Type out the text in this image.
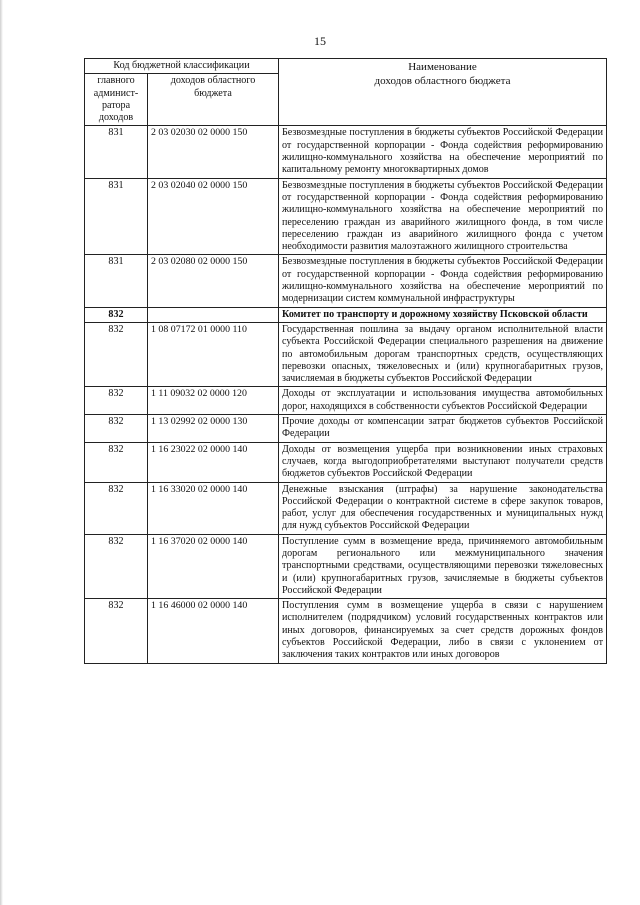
15
Код бюджетной классификации		Наименование
доходов областного бюджета

главного админист-ратора доходов	доходов областного бюджета	
831	2 03 02030 02 0000 150	Безвозмездные поступления в бюджеты субъектов Российской Федерации от государственной корпорации - Фонда содействия реформированию жилищно-коммунального хозяйства на обеспечение мероприятий по капитальному ремонту многоквартирных домов
831	2 03 02040 02 0000 150	Безвозмездные поступления в бюджеты субъектов Российской Федерации от государственной корпорации - Фонда содействия реформированию жилищно-коммунального хозяйства на обеспечение мероприятий по переселению граждан из аварийного жилищного фонда, в том числе переселению граждан из аварийного жилищного фонда с учетом необходимости развития малоэтажного жилищного строительства
831	2 03 02080 02 0000 150	Безвозмездные поступления в бюджеты субъектов Российской Федерации от государственной корпорации - Фонда содействия реформированию жилищно-коммунального хозяйства на обеспечение мероприятий по модернизации систем коммунальной инфраструктуры
832		Комитет по транспорту и дорожному хозяйству Псковской области
832	1 08 07172 01 0000 110	Государственная пошлина за выдачу органом исполнительной власти субъекта Российской Федерации специального разрешения на движение по автомобильным дорогам транспортных средств, осуществляющих перевозки опасных, тяжеловесных и (или) крупногабаритных грузов, зачисляемая в бюджеты субъектов Российской Федерации
832	1 11 09032 02 0000 120	Доходы от эксплуатации и использования имущества автомобильных дорог, находящихся в собственности субъектов Российской Федерации
832	1 13 02992 02 0000 130	Прочие доходы от компенсации затрат бюджетов субъектов Российской Федерации
832	1 16 23022 02 0000 140	Доходы от возмещения ущерба при возникновении иных страховых случаев, когда выгодоприобретателями выступают получатели средств бюджетов субъектов Российской Федерации
832	1 16 33020 02 0000 140	Денежные взыскания (штрафы) за нарушение законодательства Российской Федерации о контрактной системе в сфере закупок товаров, работ, услуг для обеспечения государственных и муниципальных нужд для нужд субъектов Российской Федерации
832	1 16 37020 02 0000 140	Поступление сумм в возмещение вреда, причиняемого автомобильным дорогам регионального или межмуниципального значения транспортными средствами, осуществляющими перевозки тяжеловесных и (или) крупногабаритных грузов, зачисляемые в бюджеты субъектов Российской Федерации
832	1 16 46000 02 0000 140	Поступления сумм в возмещение ущерба в связи с нарушением исполнителем (подрядчиком) условий государственных контрактов или иных договоров, финансируемых за счет средств дорожных фондов субъектов Российской Федерации, либо в связи с уклонением от заключения таких контрактов или иных договоров
